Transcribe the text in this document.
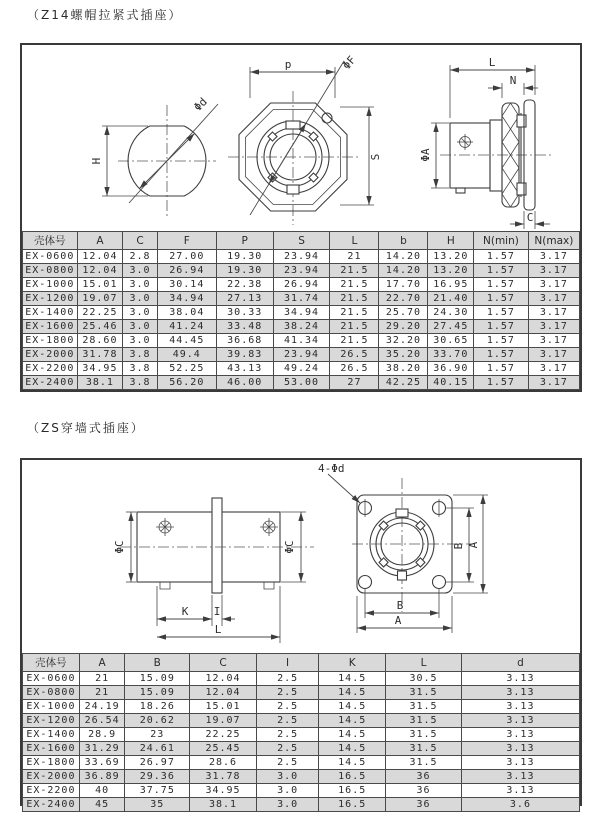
（Z14螺帽拉紧式插座）
H
Φd
p	ΦF
S
L
N
ΦA
C
壳体号	A	C	F	P	S	L	b	H	N(min)	N(max)
EX-0600	12.04	2.8	27.00	19.30	23.94	21	14.20	13.20	1.57	3.17
EX-0800	12.04	3.0	26.94	19.30	23.94	21.5	14.20	13.20	1.57	3.17
EX-1000	15.01	3.0	30.14	22.38	26.94	21.5	17.70	16.95	1.57	3.17
EX-1200	19.07	3.0	34.94	27.13	31.74	21.5	22.70	21.40	1.57	3.17
EX-1400	22.25	3.0	38.04	30.33	34.94	21.5	25.70	24.30	1.57	3.17
EX-1600	25.46	3.0	41.24	33.48	38.24	21.5	29.20	27.45	1.57	3.17
EX-1800	28.60	3.0	44.45	36.68	41.34	21.5	32.20	30.65	1.57	3.17
EX-2000	31.78	3.8	49.4	39.83	23.94	26.5	35.20	33.70	1.57	3.17
EX-2200	34.95	3.8	52.25	43.13	49.24	26.5	38.20	36.90	1.57	3.17
EX-2400	38.1	3.8	56.20	46.00	53.00	27	42.25	40.15	1.57	3.17
（ZS穿墙式插座）
ΦC	ΦC
K I
L
4-Φd
B A
B
A
壳体号	A	B	C	I	K	L	d
EX-0600	21	15.09	12.04	2.5	14.5	30.5	3.13
EX-0800	21	15.09	12.04	2.5	14.5	31.5	3.13
EX-1000	24.19	18.26	15.01	2.5	14.5	31.5	3.13
EX-1200	26.54	20.62	19.07	2.5	14.5	31.5	3.13
EX-1400	28.9	23	22.25	2.5	14.5	31.5	3.13
EX-1600	31.29	24.61	25.45	2.5	14.5	31.5	3.13
EX-1800	33.69	26.97	28.6	2.5	14.5	31.5	3.13
EX-2000	36.89	29.36	31.78	3.0	16.5	36	3.13
EX-2200	40	37.75	34.95	3.0	16.5	36	3.13
EX-2400	45	35	38.1	3.0	16.5	36	3.6
